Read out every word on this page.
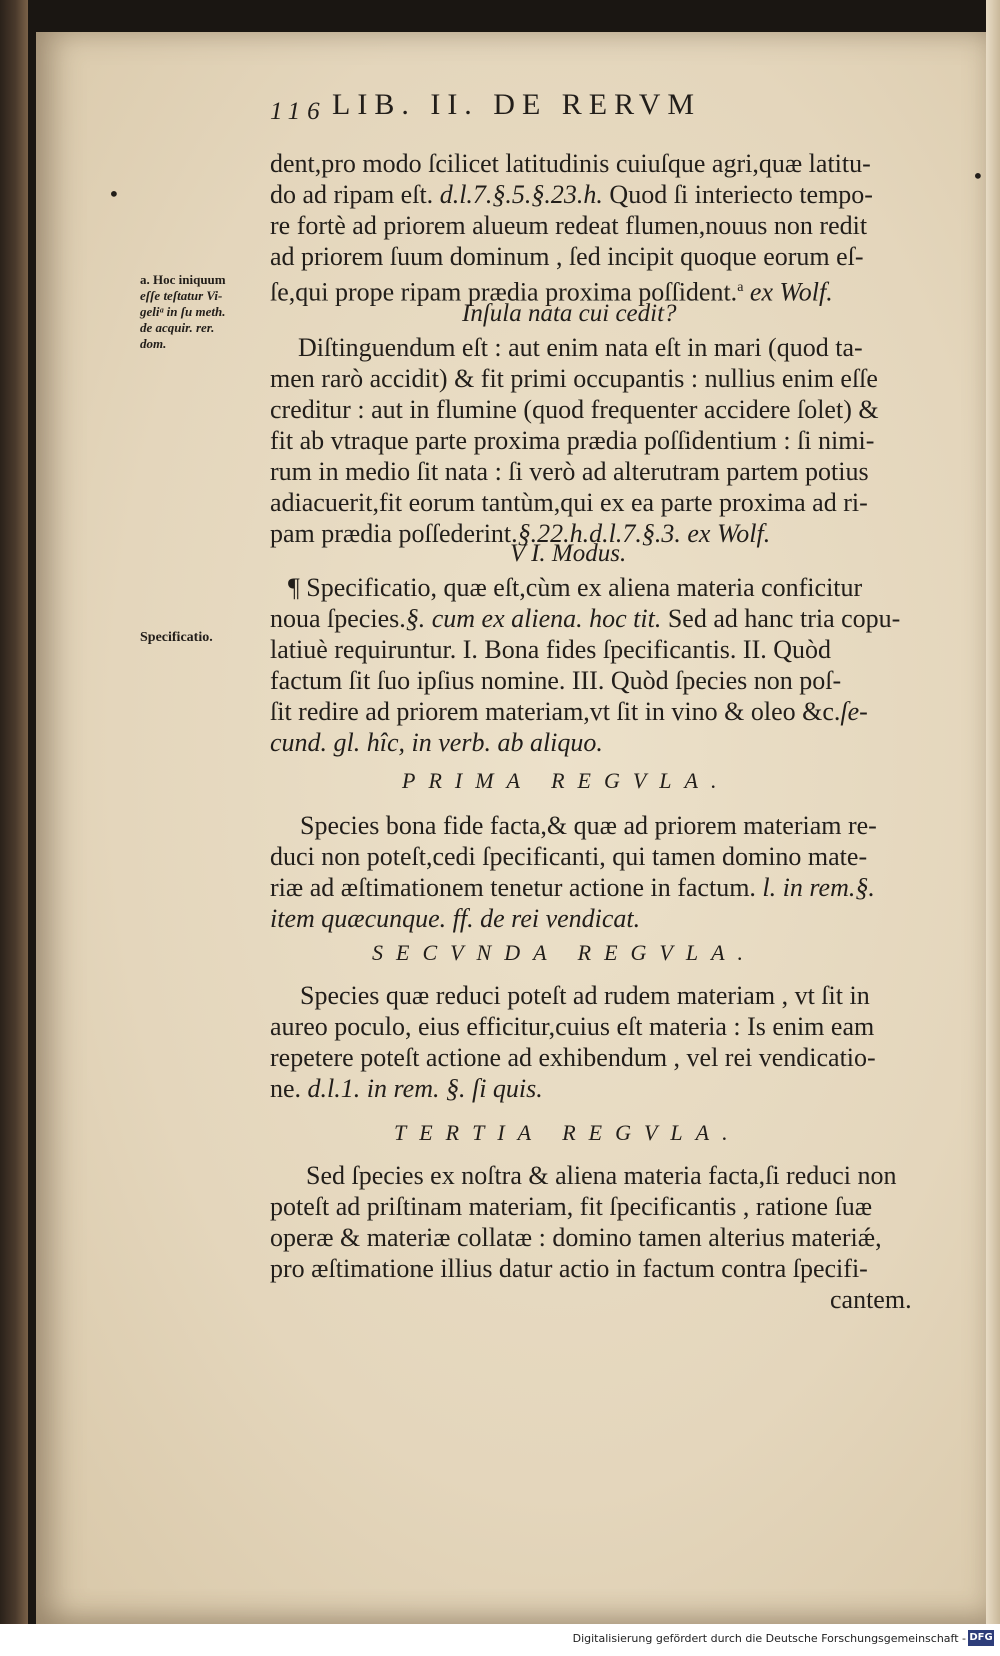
116 LIB. II. DE RERVM
a. Hoc iniquum
eſſe teſtatur Vi-
geliᵃ in ſu meth.
de acquir. rer.
dom.
Specificatio.
•
•
dent,pro modo ſcilicet latitudinis cuiuſque agri,quæ latitu-
do ad ripam eſt. d.l.7.§.5.§.23.h. Quod ſi interiecto tempo-
re fortè ad priorem alueum redeat flumen,nouus non redit
ad priorem ſuum dominum , ſed incipit quoque eorum eſ-
ſe,qui prope ripam prædia proxima poſſident.$^a$ ex Wolf.
Inſula nata cui cedit?
Diſtinguendum eſt : aut enim nata eſt in mari (quod ta-
men rarò accidit) & fit primi occupantis : nullius enim eſſe
creditur : aut in flumine (quod frequenter accidere ſolet) &
fit ab vtraque parte proxima prædia poſſidentium : ſi nimi-
rum in medio ſit nata : ſi verò ad alterutram partem potius
adiacuerit,fit eorum tantùm,qui ex ea parte proxima ad ri-
pam prædia poſſederint.§.22.h.d.l.7.§.3. ex Wolf.
V I. Modus.
¶ Specificatio, quæ eſt,cùm ex aliena materia conficitur
noua ſpecies.§. cum ex aliena. hoc tit. Sed ad hanc tria copu-
latiuè requiruntur. I. Bona fides ſpecificantis. II. Quòd
factum ſit ſuo ipſius nomine. III. Quòd ſpecies non poſ-
ſit redire ad priorem materiam,vt ſit in vino & oleo &c.ſe-
cund. gl. hîc, in verb. ab aliquo.
PRIMA REGVLA.
Species bona fide facta,& quæ ad priorem materiam re-
duci non poteſt,cedi ſpecificanti, qui tamen domino mate-
riæ ad æſtimationem tenetur actione in factum. l. in rem.§.
item quæcunque. ff. de rei vendicat.
SECVNDA REGVLA.
Species quæ reduci poteſt ad rudem materiam , vt ſit in
aureo poculo, eius efficitur,cuius eſt materia : Is enim eam
repetere poteſt actione ad exhibendum , vel rei vendicatio-
ne. d.l.1. in rem. §. ſi quis.
TERTIA REGVLA.
Sed ſpecies ex noſtra & aliena materia facta,ſi reduci non
poteſt ad priſtinam materiam, fit ſpecificantis , ratione ſuæ
operæ & materiæ collatæ : domino tamen alterius materiǽ,
pro æſtimatione illius datur actio in factum contra ſpecifi-
cantem.
Digitalisierung gefördert durch die Deutsche Forschungsgemeinschaft - DFG
